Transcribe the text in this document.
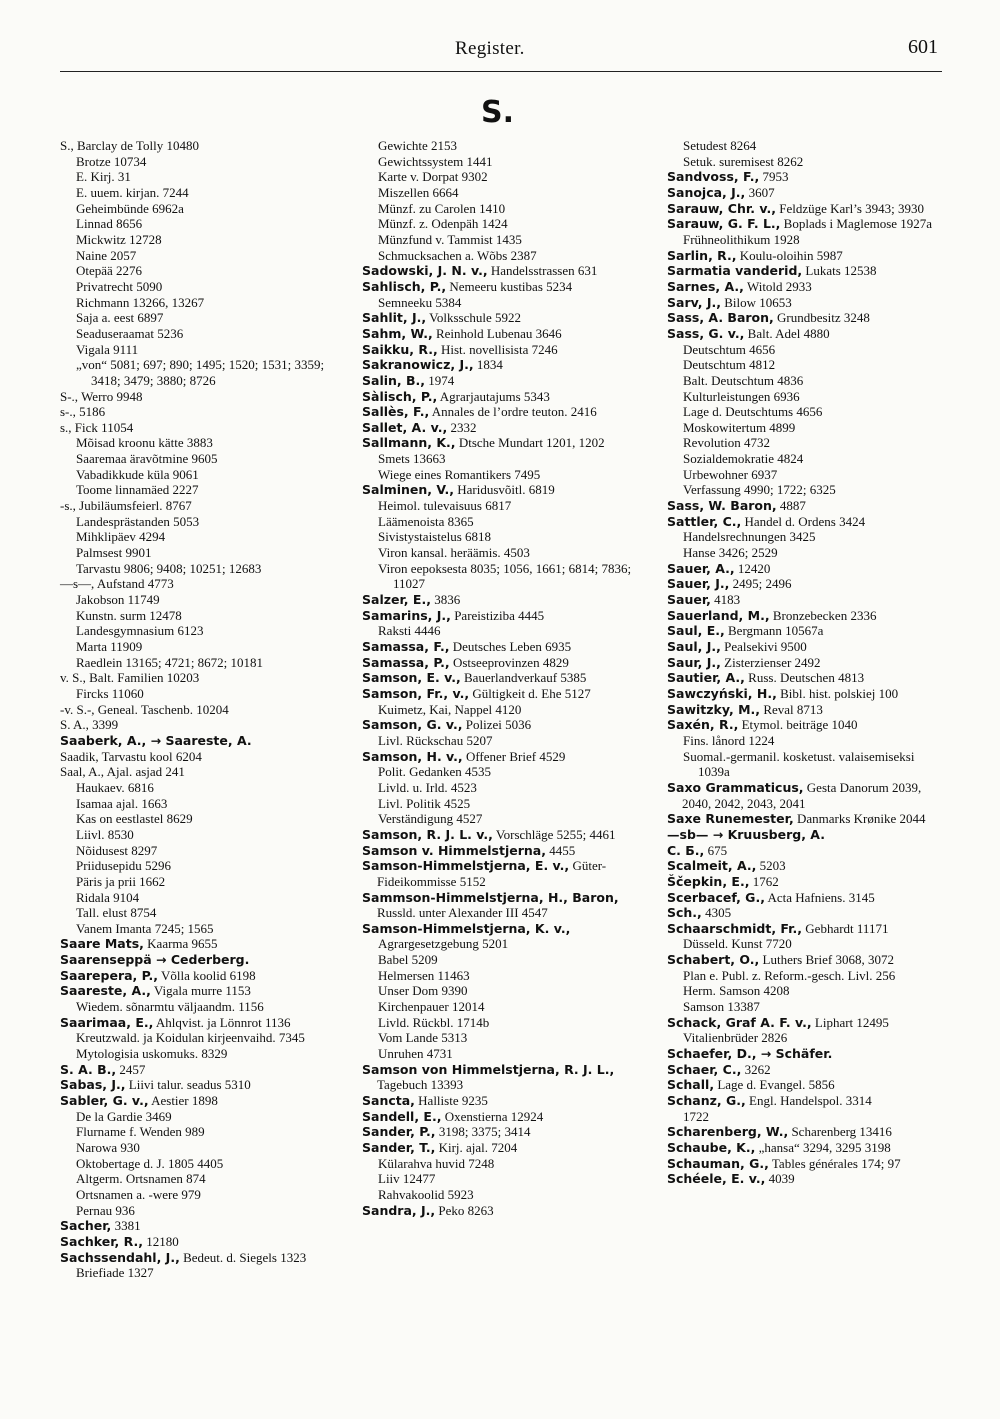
Register.	601
S.
S., Barclay de Tolly 10480
Brotze 10734
E. Kirj. 31
E. uuem. kirjan. 7244
Geheimbünde 6962a
Linnad 8656
Mickwitz 12728
Naine 2057
Otepää 2276
Privatrecht 5090
Richmann 13266, 13267
Saja a. eest 6897
Seaduseraamat 5236
Vigala 9111
„von“ 5081; 697; 890; 1495; 1520; 1531; 3359; 3418; 3479; 3880; 8726
S-., Werro 9948
s-., 5186
s., Fick 11054
Mõisad kroonu kätte 3883
Saaremaa äravõtmine 9605
Vabadikkude küla 9061
Toome linnamäed 2227
-s., Jubiläumsfeierl. 8767
Landesprästanden 5053
Mihklipäev 4294
Palmsest 9901
Tarvastu 9806; 9408; 10251; 12683
—s—, Aufstand 4773
Jakobson 11749
Kunstn. surm 12478
Landesgymnasium 6123
Marta 11909
Raedlein 13165; 4721; 8672; 10181
v. S., Balt. Familien 10203
Fircks 11060
-v. S.-, Geneal. Taschenb. 10204
S. A., 3399
Saaberk, A., → Saareste, A.
Saadik, Tarvastu kool 6204
Saal, A., Ajal. asjad 241
Haukaev. 6816
Isamaa ajal. 1663
Kas on eestlastel 8629
Liivl. 8530
Nõidusest 8297
Priidusepidu 5296
Päris ja prii 1662
Ridala 9104
Tall. elust 8754
Vanem Imanta 7245; 1565
Saare Mats, Kaarma 9655
Saarenseppä → Cederberg.
Saarepera, P., Võlla koolid 6198
Saareste, A., Vigala murre 1153
Wiedem. sõnarmtu väljaandm. 1156
Saarimaa, E., Ahlqvist. ja Lönnrot 1136
Kreutzwald. ja Koidulan kirjeenvaihd. 7345
Mytologisia uskomuks. 8329
S. A. B., 2457
Sabas, J., Liivi talur. seadus 5310
Sabler, G. v., Aestier 1898
De la Gardie 3469
Flurname f. Wenden 989
Narowa 930
Oktobertage d. J. 1805 4405
Altgerm. Ortsnamen 874
Ortsnamen a. -were 979
Pernau 936
Sacher, 3381
Sachker, R., 12180
Sachssendahl, J., Bedeut. d. Siegels 1323
Briefiade 1327
Gewichte 2153
Gewichtssystem 1441
Karte v. Dorpat 9302
Miszellen 6664
Münzf. zu Carolen 1410
Münzf. z. Odenpäh 1424
Münzfund v. Tammist 1435
Schmucksachen a. Wõbs 2387
Sadowski, J. N. v., Handelsstrassen 631
Sahlisch, P., Nemeeru kustibas 5234
Semneeku 5384
Sahlit, J., Volksschule 5922
Sahm, W., Reinhold Lubenau 3646
Saikku, R., Hist. novellisista 7246
Sakranowicz, J., 1834
Salin, B., 1974
Sàlisch, P., Agrarjautajums 5343
Sallès, F., Annales de l’ordre teuton. 2416
Sallet, A. v., 2332
Sallmann, K., Dtsche Mundart 1201, 1202
Smets 13663
Wiege eines Romantikers 7495
Salminen, V., Haridusvõitl. 6819
Heimol. tulevaisuus 6817
Läämenoista 8365
Sivistystaistelus 6818
Viron kansal. heräämis. 4503
Viron eepoksesta 8035; 1056, 1661; 6814; 7836; 11027
Salzer, E., 3836
Samarins, J., Pareistiziba 4445
Raksti 4446
Samassa, F., Deutsches Leben 6935
Samassa, P., Ostseeprovinzen 4829
Samson, E. v., Bauerlandverkauf 5385
Samson, Fr., v., Gültigkeit d. Ehe 5127
Kuimetz, Kai, Nappel 4120
Samson, G. v., Polizei 5036
Livl. Rückschau 5207
Samson, H. v., Offener Brief 4529
Polit. Gedanken 4535
Livld. u. Irld. 4523
Livl. Politik 4525
Verständigung 4527
Samson, R. J. L. v., Vorschläge 5255; 4461
Samson v. Himmelstjerna, 4455
Samson-Himmelstjerna, E. v., Güter-Fideikommisse 5152
Sammson-Himmelstjerna, H., Baron, Russld. unter Alexander III 4547
Samson-Himmelstjerna, K. v.,
Agrargesetzgebung 5201
Babel 5209
Helmersen 11463
Unser Dom 9390
Kirchenpauer 12014
Livld. Rückbl. 1714b
Vom Lande 5313
Unruhen 4731
Samson von Himmelstjerna, R. J. L., Tagebuch 13393
Sancta, Halliste 9235
Sandell, E., Oxenstierna 12924
Sander, P., 3198; 3375; 3414
Sander, T., Kirj. ajal. 7204
Külarahva huvid 7248
Liiv 12477
Rahvakoolid 5923
Sandra, J., Peko 8263
Setudest 8264
Setuk. suremisest 8262
Sandvoss, F., 7953
Sanojca, J., 3607
Sarauw, Chr. v., Feldzüge Karl’s 3943; 3930
Sarauw, G. F. L., Boplads i Maglemose 1927a
Frühneolithikum 1928
Sarlin, R., Koulu-oloihin 5987
Sarmatia vanderid, Lukats 12538
Sarnes, A., Witold 2933
Sarv, J., Bilow 10653
Sass, A. Baron, Grundbesitz 3248
Sass, G. v., Balt. Adel 4880
Deutschtum 4656
Deutschtum 4812
Balt. Deutschtum 4836
Kulturleistungen 6936
Lage d. Deutschtums 4656
Moskowitertum 4899
Revolution 4732
Sozialdemokratie 4824
Urbewohner 6937
Verfassung 4990; 1722; 6325
Sass, W. Baron, 4887
Sattler, C., Handel d. Ordens 3424
Handelsrechnungen 3425
Hanse 3426; 2529
Sauer, A., 12420
Sauer, J., 2495; 2496
Sauer, 4183
Sauerland, M., Bronzebecken 2336
Saul, E., Bergmann 10567a
Saul, J., Pealsekivi 9500
Saur, J., Zisterzienser 2492
Sautier, A., Russ. Deutschen 4813
Sawczyński, H., Bibl. hist. polskiej 100
Sawitzky, M., Reval 8713
Saxén, R., Etymol. beiträge 1040
Fins. lånord 1224
Suomal.-germanil. kosketust. valaisemiseksi 1039a
Saxo Grammaticus, Gesta Danorum 2039, 2040, 2042, 2043, 2041
Saxe Runemester, Danmarks Krønike 2044
—sb— → Kruusberg, A.
С. Б., 675
Scalmeit, A., 5203
Ščepkin, E., 1762
Scerbacef, G., Acta Hafniens. 3145
Sch., 4305
Schaarschmidt, Fr., Gebhardt 11171
Düsseld. Kunst 7720
Schabert, O., Luthers Brief 3068, 3072
Plan e. Publ. z. Reform.-gesch. Livl. 256
Herm. Samson 4208
Samson 13387
Schack, Graf A. F. v., Liphart 12495
Vitalienbrüder 2826
Schaefer, D., → Schäfer.
Schaer, C., 3262
Schall, Lage d. Evangel. 5856
Schanz, G., Engl. Handelspol. 3314
1722
Scharenberg, W., Scharenberg 13416
Schaube, K., „hansa“ 3294, 3295 3198
Schauman, G., Tables générales 174; 97
Schéele, E. v., 4039
